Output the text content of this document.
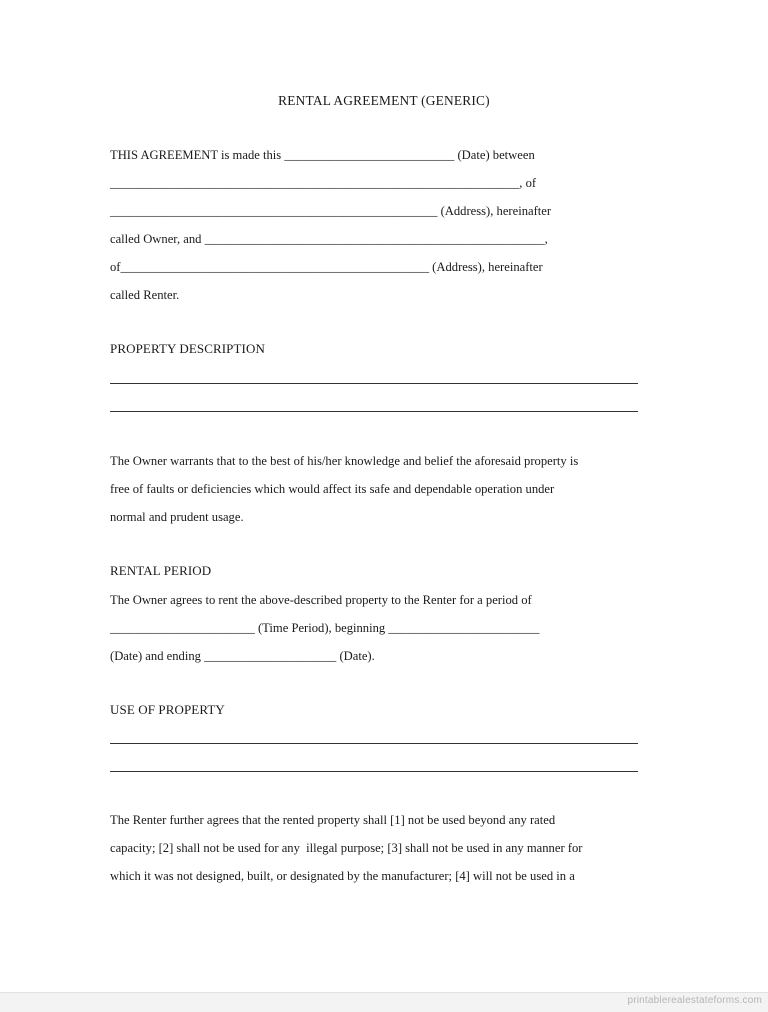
RENTAL AGREEMENT (GENERIC)
THIS AGREEMENT is made this ___________________________ (Date) between
_________________________________________________________________, of
____________________________________________________ (Address), hereinafter
called Owner, and ______________________________________________________,
of_________________________________________________ (Address), hereinafter
called Renter.
PROPERTY DESCRIPTION
The Owner warrants that to the best of his/her knowledge and belief the aforesaid property is
free of faults or deficiencies which would affect its safe and dependable operation under
normal and prudent usage.
RENTAL PERIOD
The Owner agrees to rent the above-described property to the Renter for a period of
_______________________ (Time Period), beginning ________________________
(Date) and ending _____________________ (Date).
USE OF PROPERTY
The Renter further agrees that the rented property shall [1] not be used beyond any rated
capacity; [2] shall not be used for any  illegal purpose; [3] shall not be used in any manner for
which it was not designed, built, or designated by the manufacturer; [4] will not be used in a
printablerealestateforms.com
